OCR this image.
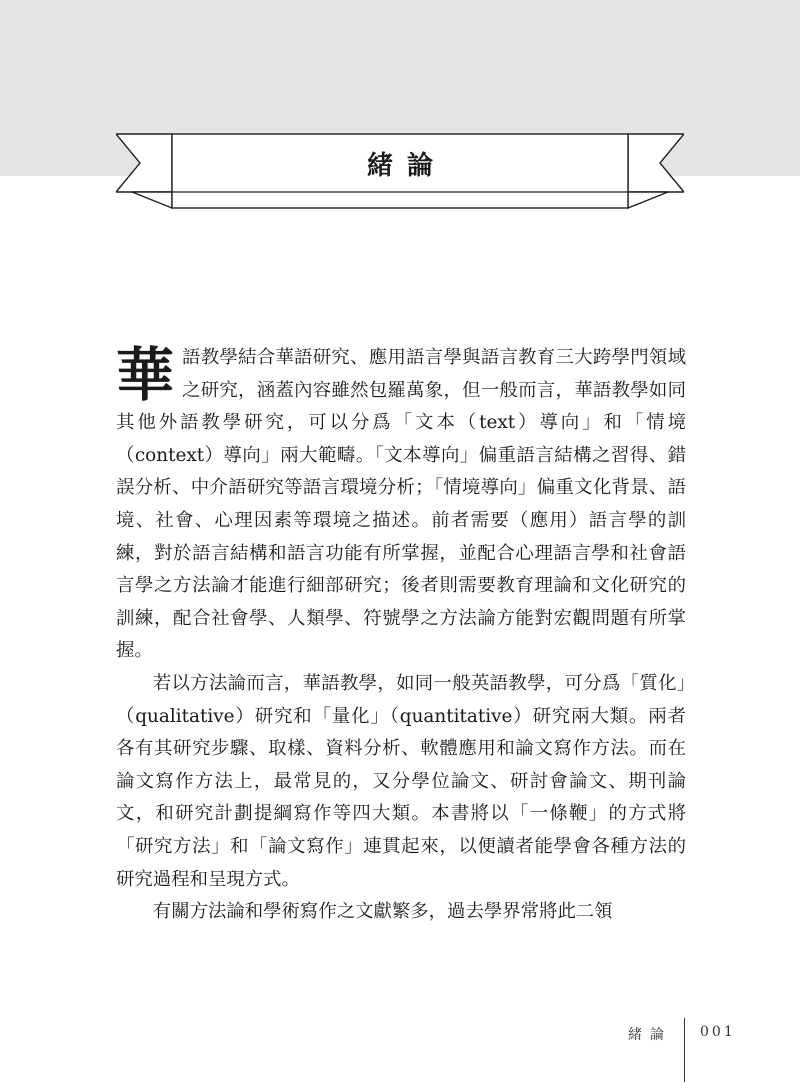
緒論

華語教學結合華語研究、應用語言學與語言教育三大跨學門領域之研究，涵蓋內容雖然包羅萬象，但一般而言，華語教學如同其他外語教學研究，可以分爲「文本（text）導向」和「情境（context）導向」兩大範疇。「文本導向」偏重語言結構之習得、錯誤分析、中介語研究等語言環境分析；「情境導向」偏重文化背景、語境、社會、心理因素等環境之描述。前者需要（應用）語言學的訓練，對於語言結構和語言功能有所掌握，並配合心理語言學和社會語言學之方法論才能進行細部研究；後者則需要教育理論和文化研究的訓練，配合社會學、人類學、符號學之方法論方能對宏觀問題有所掌握。

若以方法論而言，華語教學，如同一般英語教學，可分爲「質化」（qualitative）研究和「量化」（quantitative）研究兩大類。兩者各有其研究步驟、取樣、資料分析、軟體應用和論文寫作方法。而在論文寫作方法上，最常見的，又分學位論文、研討會論文、期刊論文，和研究計劃提綱寫作等四大類。本書將以「一條鞭」的方式將「研究方法」和「論文寫作」連貫起來，以便讀者能學會各種方法的研究過程和呈現方式。

有關方法論和學術寫作之文獻繁多，過去學界常將此二領

緒論 001
